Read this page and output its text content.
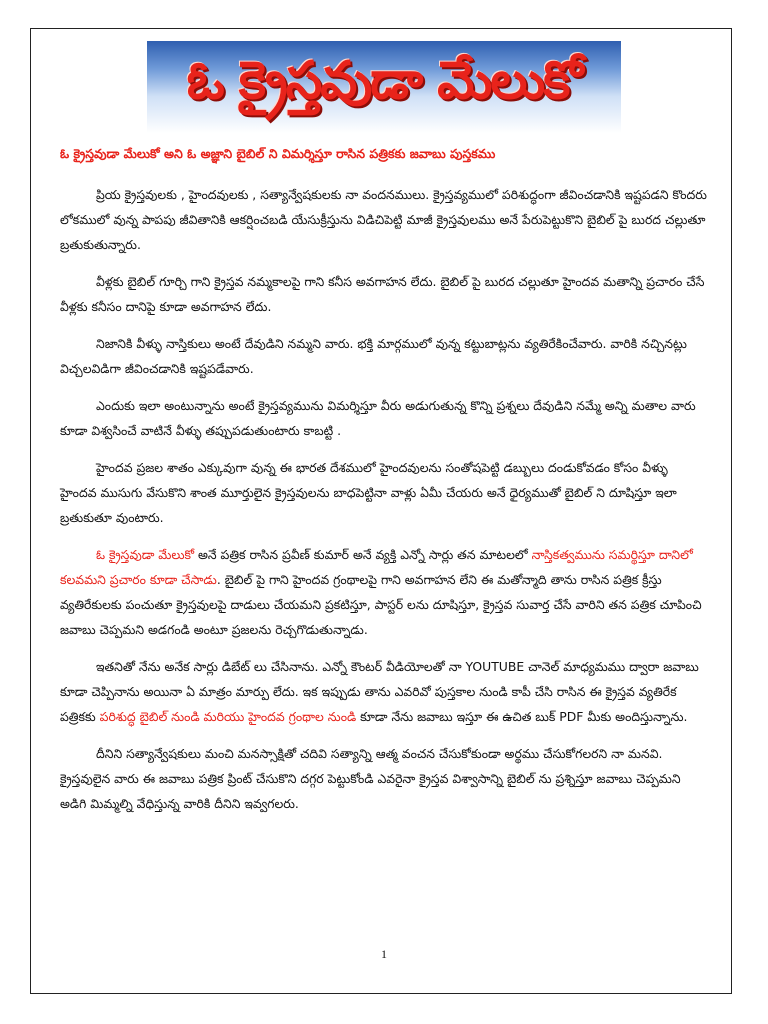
ఓ క్రైస్తవుడా మేలుకో
ఓ క్రైస్తవుడా మేలుకో అని ఓ అజ్ఞాని బైబిల్ ని విమర్శిస్తూ రాసిన పత్రికకు జవాబు పుస్తకము

ప్రియ క్రైస్తవులకు , హైందవులకు , సత్యాన్వేషకులకు నా వందనములు. క్రైస్తవ్యములో పరిశుద్ధంగా జీవించడానికి ఇష్టపడని కొందరు లోకములో వున్న పాపపు జీవితానికి ఆకర్షించబడి యేసుక్రీస్తును విడిచిపెట్టి మాజీ క్రైస్తవులము అనే పేరుపెట్టుకొని బైబిల్ పై బురద చల్లుతూ బ్రతుకుతున్నారు.

వీళ్లకు బైబిల్ గూర్చి గాని క్రైస్తవ నమ్మకాలపై గాని కనీస అవగాహన లేదు. బైబిల్ పై బురద చల్లుతూ హైందవ మతాన్ని ప్రచారం చేసే వీళ్లకు కనీసం దానిపై కూడా అవగాహన లేదు.

నిజానికి వీళ్ళు నాస్తికులు అంటే దేవుడిని నమ్మని వారు. భక్తి మార్గములో వున్న కట్టుబాట్లను వ్యతిరేకించేవారు. వారికి నచ్చినట్లు విచ్చలవిడిగా జీవించడానికి ఇష్టపడేవారు.

ఎందుకు ఇలా అంటున్నాను అంటే క్రైస్తవ్యమును విమర్శిస్తూ వీరు అడుగుతున్న కొన్ని ప్రశ్నలు దేవుడిని నమ్మే అన్ని మతాల వారు కూడా విశ్వసించే వాటినే వీళ్ళు తప్పుపడుతుంటారు కాబట్టి .

హైందవ ప్రజల శాతం ఎక్కువుగా వున్న ఈ భారత దేశములో హైందవులను సంతోషపెట్టి డబ్బులు దండుకోవడం కోసం వీళ్ళు హైందవ ముసుగు వేసుకొని శాంత మూర్తులైన క్రైస్తవులను బాధపెట్టినా వాళ్లు ఏమీ చేయరు అనే ధైర్యముతో బైబిల్ ని దూషిస్తూ ఇలా బ్రతుకుతూ వుంటారు.

ఓ క్రైస్తవుడా మేలుకో అనే పత్రిక రాసిన ప్రవీణ్ కుమార్ అనే వ్యక్తి ఎన్నో సార్లు తన మాటలలో నాస్తికత్వమును సమర్థిస్తూ దానిలో కలవమని ప్రచారం కూడా చేసాడు. బైబిల్ పై గాని హైందవ గ్రంథాలపై గాని అవగాహన లేని ఈ మతోన్మాది తాను రాసిన పత్రిక క్రీస్తు వ్యతిరేకులకు పంచుతూ క్రైస్తవులపై దాడులు చేయమని ప్రకటిస్తూ, పాస్టర్ లను దూషిస్తూ, క్రైస్తవ సువార్త చేసే వారిని తన పత్రిక చూపించి జవాబు చెప్పమని అడగండి అంటూ ప్రజలను రెచ్చగొడుతున్నాడు.

ఇతనితో నేను అనేక సార్లు డిబేట్ లు చేసినాను. ఎన్నో కౌంటర్ వీడియోలతో నా YOUTUBE చానెల్ మాధ్యమము ద్వారా జవాబు కూడా చెప్పినాను అయినా ఏ మాత్రం మార్పు లేదు. ఇక ఇప్పుడు తాను ఎవరివో పుస్తకాల నుండి కాపీ చేసి రాసిన ఈ క్రైస్తవ వ్యతిరేక పత్రికకు పరిశుద్ధ బైబిల్ నుండి మరియు హైందవ గ్రంథాల నుండి కూడా నేను జవాబు ఇస్తూ ఈ ఉచిత బుక్ PDF మీకు అందిస్తున్నాను.

దీనిని సత్యాన్వేషకులు మంచి మనస్సాక్షితో చదివి సత్యాన్ని ఆత్మ వంచన చేసుకోకుండా అర్థము చేసుకోగలరని నా మనవి. క్రైస్తవులైన వారు ఈ జవాబు పత్రిక ప్రింట్ చేసుకొని దగ్గర పెట్టుకోండి ఎవరైనా క్రైస్తవ విశ్వాసాన్ని బైబిల్ ను ప్రశ్నిస్తూ జవాబు చెప్పమని అడిగి మిమ్మల్ని వేధిస్తున్న వారికి దీనిని ఇవ్వగలరు.

1
